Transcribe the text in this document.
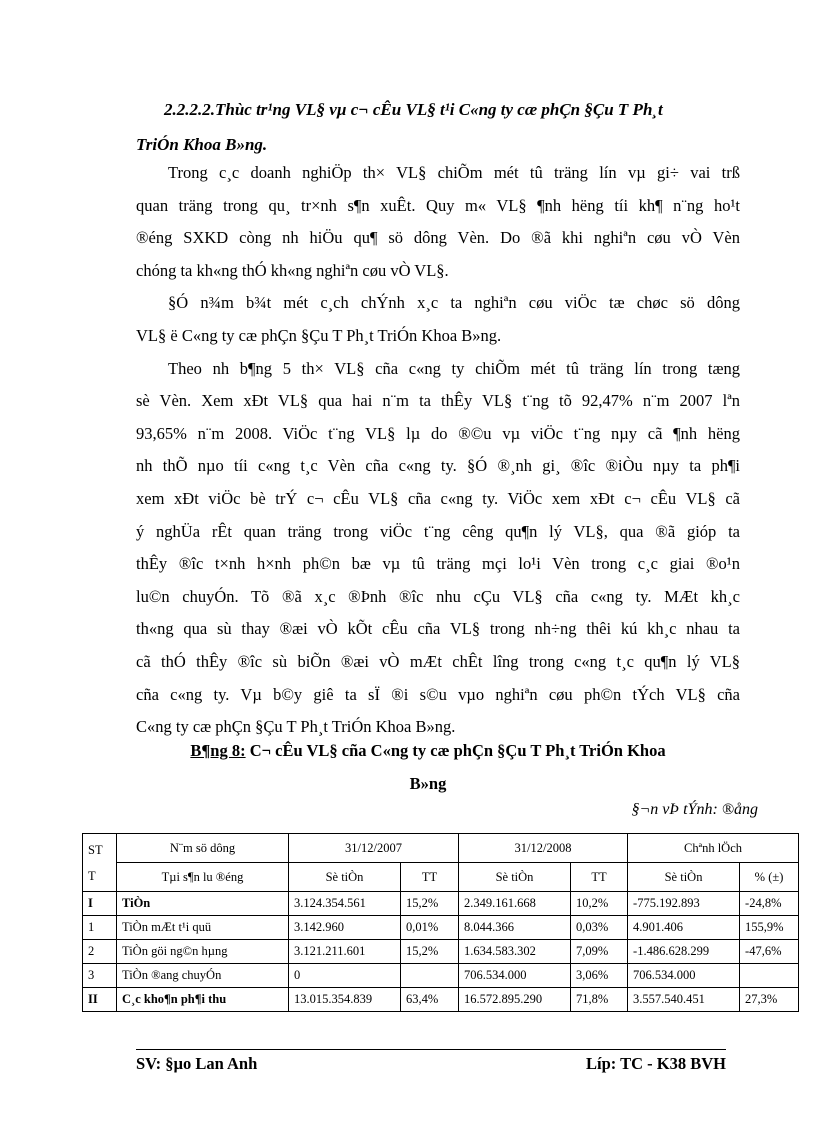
2.2.2.2.Thùc tr¹ng VL§ vµ c¬ cÊu VL§ t¹i C«ng ty cæ phÇn §Çu T Ph¸t
TriÓn Khoa B»ng.
Trong c¸c doanh nghiÖp th× VL§ chiÕm mét tû träng lín vµ gi÷ vai trß
quan träng trong qu¸ tr×nh s¶n xuÊt. Quy m« VL§ ¶nh hëng tíi kh¶ n¨ng ho¹t
®éng SXKD còng nh hiÖu qu¶ sö dông Vèn. Do ®ã khi nghiªn cøu vÒ Vèn
chóng ta kh«ng thÓ kh«ng nghiªn cøu vÒ VL§.
§Ó n¾m b¾t mét c¸ch chÝnh x¸c ta nghiªn cøu viÖc tæ chøc sö dông
VL§ ë C«ng ty cæ phÇn §Çu T Ph¸t TriÓn Khoa B»ng.
Theo nh b¶ng 5 th× VL§ cña c«ng ty chiÕm mét tû träng lín trong tæng
sè Vèn. Xem xÐt VL§ qua hai n¨m ta thÊy VL§ t¨ng tõ 92,47% n¨m 2007 lªn
93,65% n¨m 2008. ViÖc t¨ng VL§ lµ do ®©u vµ viÖc t¨ng nµy cã ¶nh hëng
nh thÕ nµo tíi c«ng t¸c Vèn cña c«ng ty. §Ó ®¸nh gi¸ ®îc ®iÒu nµy ta ph¶i
xem xÐt viÖc bè trÝ c¬ cÊu VL§ cña c«ng ty. ViÖc xem xÐt c¬ cÊu VL§ cã
ý nghÜa rÊt quan träng trong viÖc t¨ng cêng qu¶n lý VL§, qua ®ã gióp ta
thÊy ®îc t×nh h×nh ph©n bæ vµ tû träng mçi lo¹i Vèn trong c¸c giai ®o¹n
lu©n chuyÓn. Tõ ®ã x¸c ®Þnh ®îc nhu cÇu VL§ cña c«ng ty. MÆt kh¸c
th«ng qua sù thay ®æi vÒ kÕt cÊu cña VL§ trong nh÷ng thêi kú kh¸c nhau ta
cã thÓ thÊy ®îc sù biÕn ®æi vÒ mÆt chÊt lîng trong c«ng t¸c qu¶n lý VL§
cña c«ng ty. Vµ b©y giê ta sÏ ®i s©u vµo nghiªn cøu ph©n tÝch VL§ cña
C«ng ty cæ phÇn §Çu T Ph¸t TriÓn Khoa B»ng.
B¶ng 8: C¬ cÊu VL§ cña C«ng ty cæ phÇn §Çu T Ph¸t TriÓn Khoa
B»ng
§¬n vÞ tÝnh: ®ång
ST T	N¨m sö dông	31/12/2007		31/12/2008		Chªnh lÖch	
	Tµi s¶n lu ®éng	Sè tiÒn	TT	Sè tiÒn	TT	Sè tiÒn	% (±)
I	TiÒn	3.124.354.561	15,2%	2.349.161.668	10,2%	-775.192.893	-24,8%
1	TiÒn mÆt t¹i quü	3.142.960	0,01%	8.044.366	0,03%	4.901.406	155,9%
2	TiÒn göi ng©n hµng	3.121.211.601	15,2%	1.634.583.302	7,09%	-1.486.628.299	-47,6%
3	TiÒn ®ang chuyÓn	0		706.534.000	3,06%	706.534.000	
II	C¸c kho¶n ph¶i thu	13.015.354.839	63,4%	16.572.895.290	71,8%	3.557.540.451	27,3%
SV: §µo Lan Anh	Líp: TC - K38 BVH
